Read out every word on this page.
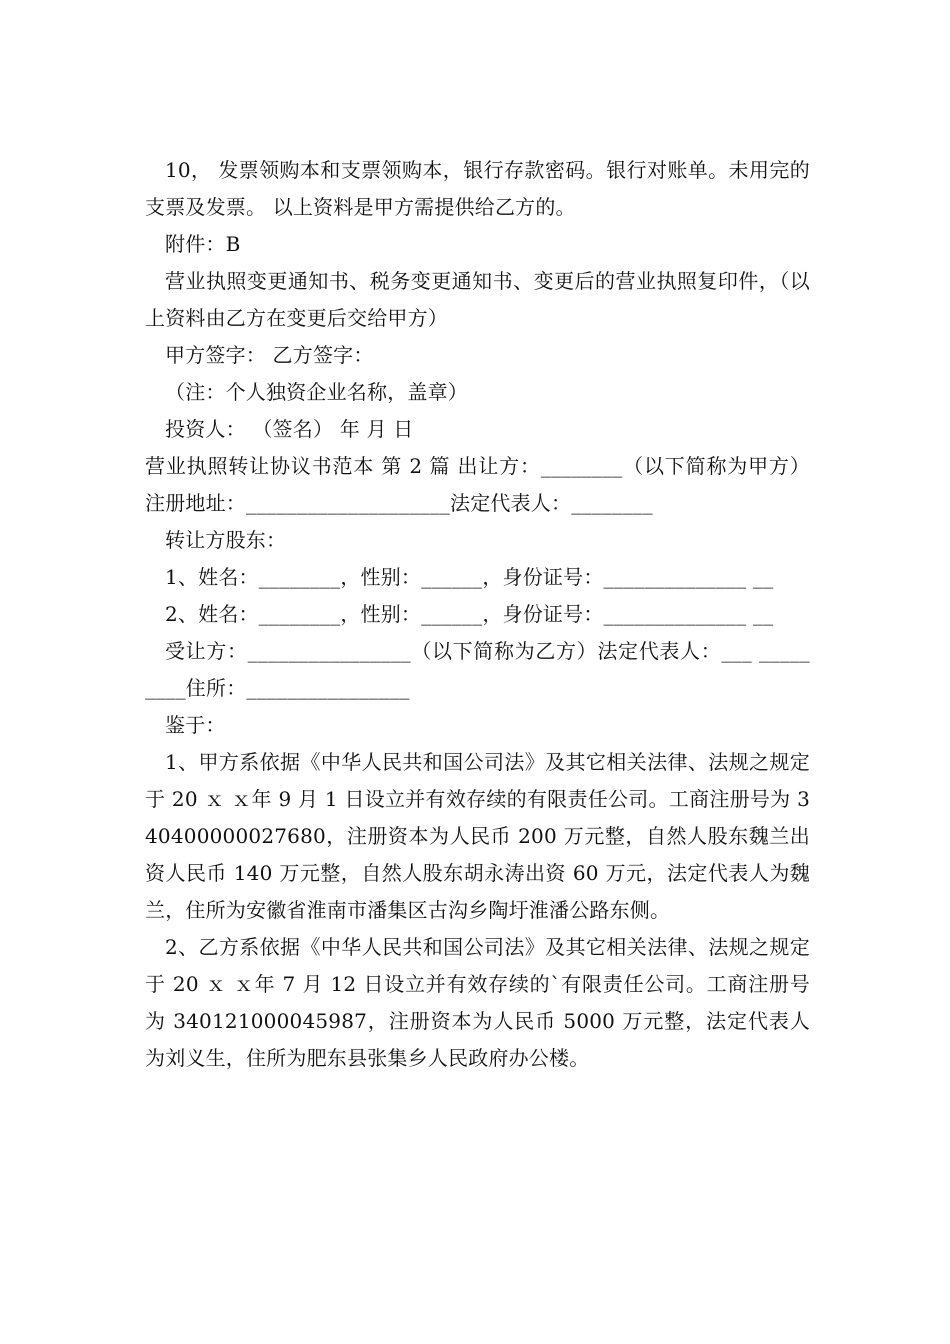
10， 发票领购本和支票领购本，银行存款密码。银行对账单。未用完的支票及发票。 以上资料是甲方需提供给乙方的。

附件：B

营业执照变更通知书、税务变更通知书、变更后的营业执照复印件，（以上资料由乙方在变更后交给甲方）

甲方签字： 乙方签字：

（注：个人独资企业名称，盖章）

投资人： （签名） 年 月 日

营业执照转让协议书范本 第 2 篇 出让方：________（以下简称为甲方）注册地址：____________________法定代表人：________

转让方股东：

1、姓名：________，性别：______，身份证号：______________ __

2、姓名：________，性别：______，身份证号：______________ __

受让方：________________（以下简称为乙方）法定代表人：___ _________住所：________________

鉴于：

1、甲方系依据《中华人民共和国公司法》及其它相关法律、法规之规定于 20 ｘ ｘ年 9 月 1 日设立并有效存续的有限责任公司。工商注册号为 340400000027680，注册资本为人民币 200 万元整，自然人股东魏兰出资人民币 140 万元整，自然人股东胡永涛出资 60 万元，法定代表人为魏兰，住所为安徽省淮南市潘集区古沟乡陶圩淮潘公路东侧。

2、乙方系依据《中华人民共和国公司法》及其它相关法律、法规之规定于 20 ｘ ｘ年 7 月 12 日设立并有效存续的`有限责任公司。工商注册号为 340121000045987，注册资本为人民币 5000 万元整，法定代表人为刘义生，住所为肥东县张集乡人民政府办公楼。
